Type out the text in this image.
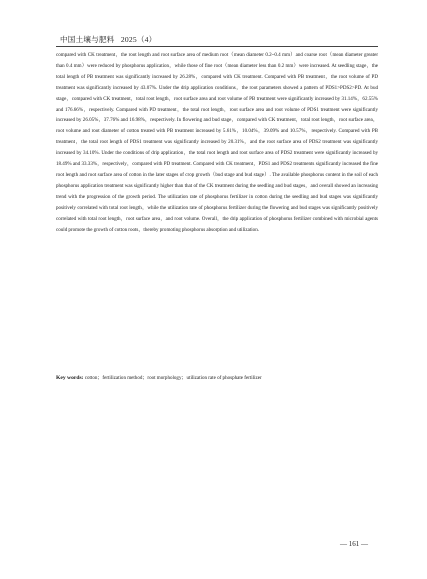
中国土壤与肥料 2025（4）

compared with CK treatment，the root length and root surface area of medium root（mean diameter 0.2~0.4 mm）and coarse root（mean diameter greater than 0.4 mm）were reduced by phosphorus application，while those of fine root（mean diameter less than 0.2 mm）were increased. At seedling stage，the total length of PB treatment was significantly increased by 26.28%，compared with CK treatment. Compared with PB treatment，the root volume of PD treatment was significantly increased by 43.07%. Under the drip application conditions，the root parameters showed a pattern of PDS1>PDS2>PD. At bud stage，compared with CK treatment，total root length，root surface area and root volume of PB treatment were significantly increased by 31.14%，62.55% and 176.66%，respectively. Compared with PD treatment，the total root length，root surface area and root volume of PDS1 treatment were significantly increased by 26.05%，37.76% and 16.98%，respectively. In flowering and bud stage，compared with CK treatment，total root length，root surface area，root volume and root diameter of cotton treated with PB treatment increased by 5.61%，10.04%，39.09% and 10.57%，respectively. Compared with PB treatment，the total root length of PDS1 treatment was significantly increased by 20.31%，and the root surface area of PDS2 treatment was significantly increased by 34.10%. Under the conditions of drip application，the total root length and root surface area of PDS2 treatment were significantly increased by 18.49% and 33.33%，respectively，compared with PD treatment. Compared with CK treatment，PDS1 and PDS2 treatments significantly increased the fine root length and root surface area of cotton in the later stages of crop growth（bud stage and bud stage）. The available phosphorus content in the soil of each phosphorus application treatment was significantly higher than that of the CK treatment during the seedling and bud stages，and overall showed an increasing trend with the progression of the growth period. The utilization rate of phosphorus fertilizer in cotton during the seedling and bud stages was significantly positively correlated with total root length，while the utilization rate of phosphorus fertilizer during the flowering and bud stages was significantly positively correlated with total root length，root surface area，and root volume. Overall，the drip application of phosphorus fertilizer combined with microbial agents could promote the growth of cotton roots，thereby promoting phosphorus absorption and utilization.

Key words: cotton；fertilization method；root morphology；utilization rate of phosphate fertilizer
— 161 —
